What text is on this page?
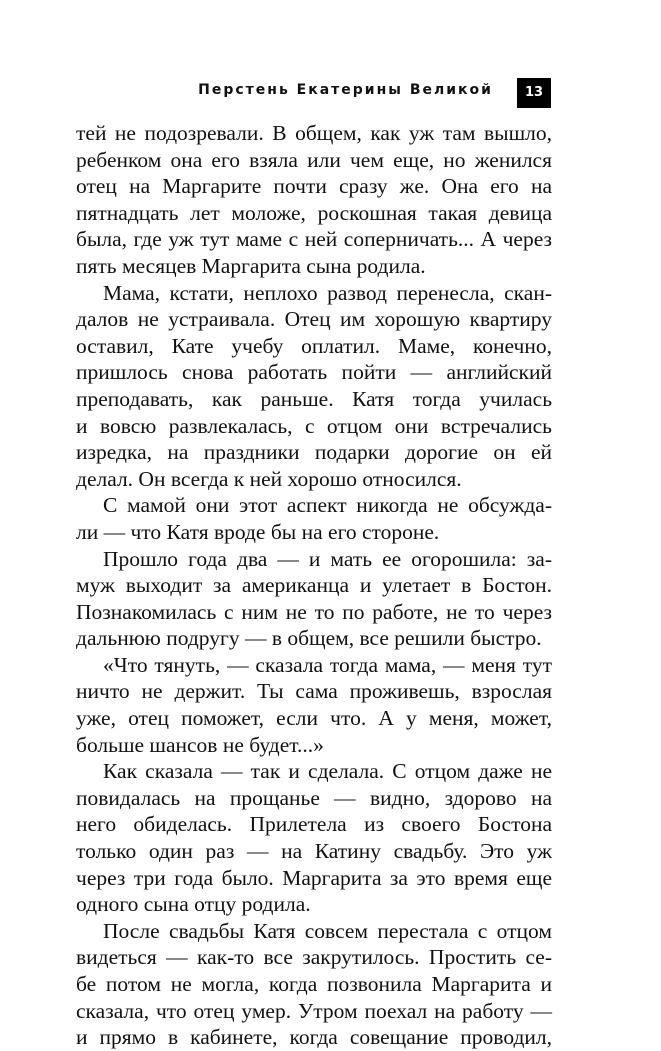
Перстень Екатерины Великой	13

тей не подозревали. В общем, как уж там вышло,

ребенком она его взяла или чем еще, но женился

отец на Маргарите почти сразу же. Она его на

пятнадцать лет моложе, роскошная такая девица

была, где уж тут маме с ней соперничать... А через

пять месяцев Маргарита сына родила.

Мама, кстати, неплохо развод перенесла, скан-

далов не устраивала. Отец им хорошую квартиру

оставил, Кате учебу оплатил. Маме, конечно,

пришлось снова работать пойти — английский

преподавать, как раньше. Катя тогда училась

и вовсю развлекалась, с отцом они встречались

изредка, на праздники подарки дорогие он ей

делал. Он всегда к ней хорошо относился.

С мамой они этот аспект никогда не обсужда-

ли — что Катя вроде бы на его стороне.

Прошло года два — и мать ее огорошила: за-

муж выходит за американца и улетает в Бостон.

Познакомилась с ним не то по работе, не то через

дальнюю подругу — в общем, все решили быстро.

«Что тянуть, — сказала тогда мама, — меня тут

ничто не держит. Ты сама проживешь, взрослая

уже, отец поможет, если что. А у меня, может,

больше шансов не будет...»

Как сказала — так и сделала. С отцом даже не

повидалась на прощанье — видно, здорово на

него обиделась. Прилетела из своего Бостона

только один раз — на Катину свадьбу. Это уж

через три года было. Маргарита за это время еще

одного сына отцу родила.

После свадьбы Катя совсем перестала с отцом

видеться — как-то все закрутилось. Простить се-

бе потом не могла, когда позвонила Маргарита и

сказала, что отец умер. Утром поехал на работу —

и прямо в кабинете, когда совещание проводил,
